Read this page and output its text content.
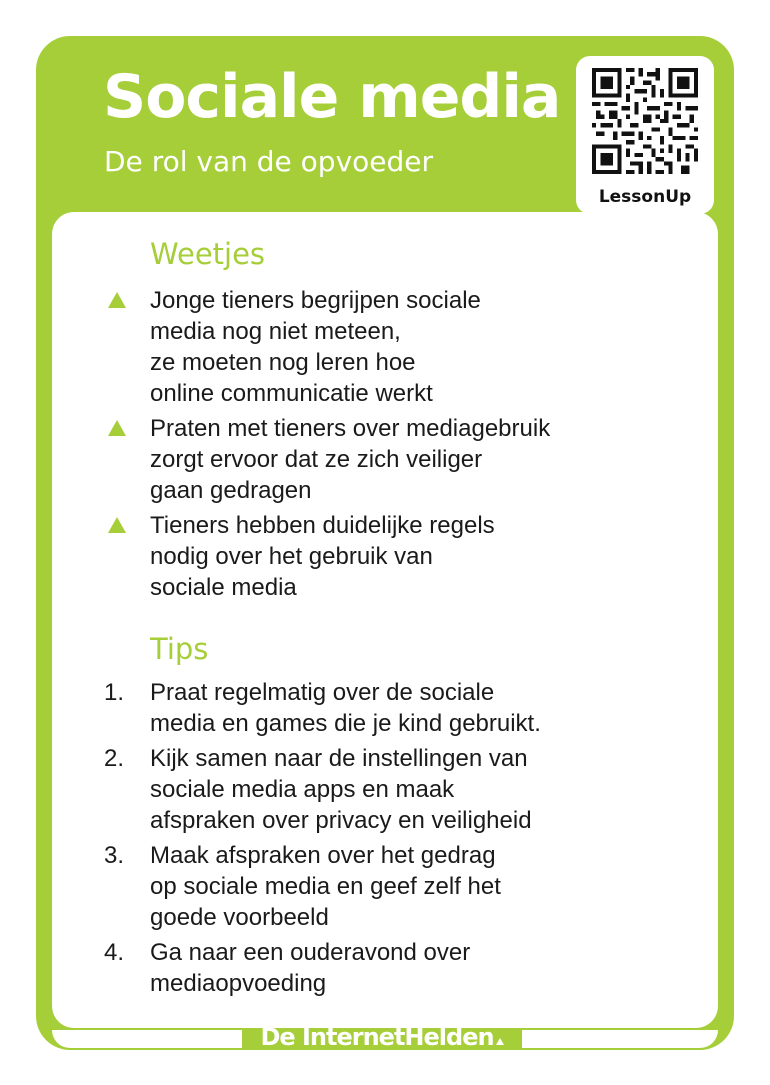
Sociale media

De rol van de opvoeder

LessonUp
Weetjes
Jonge tieners begrijpen sociale
media nog niet meteen,
ze moeten nog leren hoe
online communicatie werkt
Praten met tieners over mediagebruik
zorgt ervoor dat ze zich veiliger
gaan gedragen
Tieners hebben duidelijke regels
nodig over het gebruik van
sociale media
Tips
1. Praat regelmatig over de sociale
media en games die je kind gebruikt.
2. Kijk samen naar de instellingen van
sociale media apps en maak
afspraken over privacy en veiligheid
3. Maak afspraken over het gedrag
op sociale media en geef zelf het
goede voorbeeld
4. Ga naar een ouderavond over
mediaopvoeding
De InternetHelden
